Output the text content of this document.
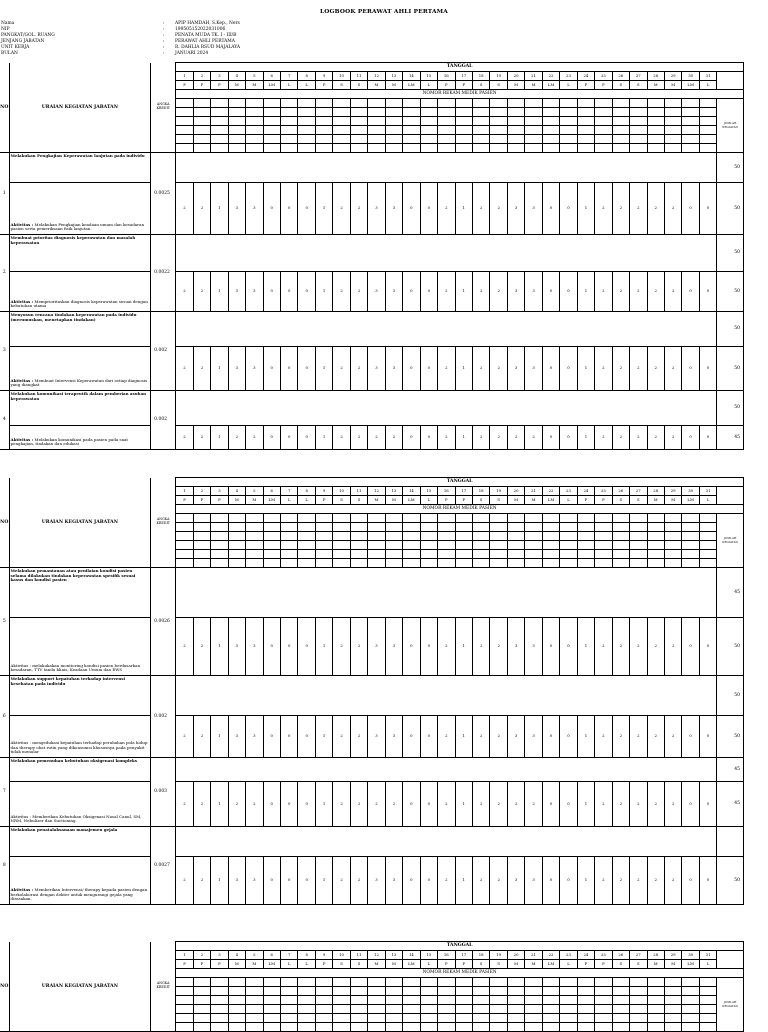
LOGBOOK PERAWAT AHLI PERTAMA
Nama	:	APIP HAMDAH, S.Kep., Ners
NIP	:	199505152022031006
PANGKAT/GOL. RUANG	:	PENATA MUDA TK. I - III/B
JENJANG JABATAN	:	PERAWAT AHLI PERTAMA
UNIT KERJA	:	R. DAHLIA RSUD MAJALAYA
BULAN	:	JANUARI 2024
NO	URAIAN KEGIATAN JABATAN	ANGKA KREDIT	TANGGAL																															
			1	2	3	4	5	6	7	8	9	10	11	12	13	14	15	16	17	18	19	20	21	22	23	24	25	26	27	28	29	30	31	
			P	P	P	M	M	LM	L	L	P	S	S	M	M	LM	L	P	P	S	S	M	M	LM	L	P	P	S	S	M	M	LM	L	
			NOMOR REKAM MEDIK PASIEN																															
																																		JUMLAH KEGIATAN

1	Melakukan Pengkajian Keperawatan lanjutan pada individu	0.0025																																50
	Aktivitas : Melakukan Pengkajian keadaan umum dan kesadaran pasien serta pemeriksaan fisik lanjutan.		2	2	1	3	3	0	0	0	1	2	2	3	3	0	0	2	1	2	2	3	3	0	0	1	2	2	2	2	2	0	0	50
2	Membuat prioritas diagnosis keperawatan dan masalah keperawatan	0.0022																																50
	Aktivitas : Memprioritaskan diagnosis keperawatan sesuai dengan kebutuhan utama		2	2	1	3	3	0	0	0	1	2	2	3	3	0	0	2	1	2	2	3	3	0	0	1	2	2	2	2	2	0	0	50
3	Menyusun rencana tindakan keperawatan pada individu (merumuskan, menetapkan tindakan)	0.002																																50
	Aktivitas : Membuat Intervensi Keperawatan dari setiap diagnosis yang diangkat		2	2	1	3	3	0	0	0	1	2	2	3	3	0	0	2	1	2	2	3	3	0	0	1	2	2	2	2	2	0	0	50
4	Melakukan komunikasi terapeutik dalam pemberian asuhan keperawatan	0.002																																50
	Aktivitas : Melakukan komunikasi pada pasien pada saat pengkajian, tindakan dan edukasi		2	2	1	2	2	0	0	0	1	2	2	2	2	0	0	2	1	2	2	2	2	0	0	1	2	2	2	2	2	0	0	45
NO	URAIAN KEGIATAN JABATAN	ANGKA KREDIT	TANGGAL																															
			1	2	3	4	5	6	7	8	9	10	11	12	13	14	15	16	17	18	19	20	21	22	23	24	25	26	27	28	29	30	31	
			P	P	P	M	M	LM	L	L	P	S	S	M	M	LM	L	P	P	S	S	M	M	LM	L	P	P	S	S	M	M	LM	L	
			NOMOR REKAM MEDIK PASIEN																															
																																		JUMLAH KEGIATAN

5	Melakukan pemantauan atau penilaian kondisi pasien selama dilakukan tindakan keperawatan spesifik sesuai kasus dan kondisi pasien	0.0026																																45
	Aktivitas : melakukakan monitoring kondisi pasien berdasarkan kesadaran, TTV tanda klinis, Keadaan Umum dan EWS		2	2	1	3	3	0	0	0	1	2	2	3	3	0	0	2	1	2	2	3	3	0	0	1	2	2	2	2	2	0	0	50
6	Melakukan support kepatuhan terhadap intervensi kesehatan pada individu	0.002																																50
	Aktivitas : mengedukasi kepatuhan terhadap perubahan pola hidup dan therapy obat rutin yang dikonsumsi khususnya pada penyakit tidak menular		2	2	1	3	3	0	0	0	1	2	2	3	3	0	0	2	1	2	2	3	3	0	0	1	2	2	2	2	2	0	0	50
7	Melakukan pemenuhan kebutuhan oksigenasi kompleks	0.003																																45
	Aktivitas : Memberikan Kebutuhan Oksigenasi Nasal Canul, SM, NRM, Nebulizer dan Suctioning.		2	2	1	2	2	0	0	0	1	2	2	2	2	0	0	2	1	2	2	2	2	0	0	1	2	2	2	2	2	0	0	45
8	Melakukan penatalaksanaan manajemen gejala	0.0027																																
	Aktivitas : Memberikan Intervensi/ therapy kepada pasien dengan berkolaborasi dengan dokter untuk mengurangi gejala yang dirasakan.		2	2	1	3	3	0	0	0	1	2	2	3	3	0	0	2	1	2	2	3	3	0	0	1	2	2	2	2	2	0	0	50
NO	URAIAN KEGIATAN JABATAN	ANGKA KREDIT	TANGGAL																															
			1	2	3	4	5	6	7	8	9	10	11	12	13	14	15	16	17	18	19	20	21	22	23	24	25	26	27	28	29	30	31	
			P	P	P	M	M	LM	L	L	P	S	S	M	M	LM	L	P	P	S	S	M	M	LM	L	P	P	S	S	M	M	LM	L	
			NOMOR REKAM MEDIK PASIEN																															
																																		JUMLAH KEGIATAN
